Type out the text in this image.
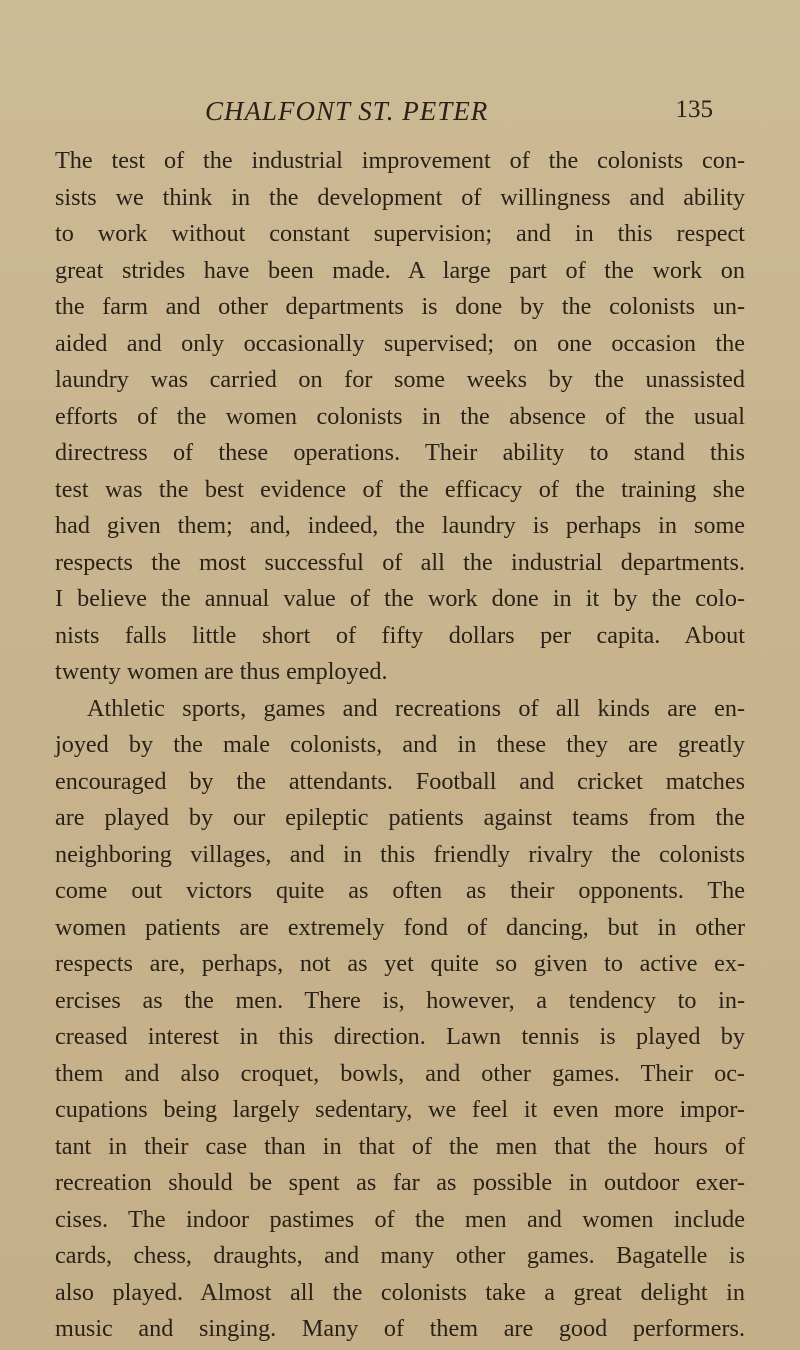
CHALFONT ST. PETER	135
The test of the industrial improvement of the colonists con-
sists we think in the development of willingness and ability
to work without constant supervision; and in this respect
great strides have been made. A large part of the work on
the farm and other departments is done by the colonists un-
aided and only occasionally supervised; on one occasion the
laundry was carried on for some weeks by the unassisted
efforts of the women colonists in the absence of the usual
directress of these operations. Their ability to stand this
test was the best evidence of the efficacy of the training she
had given them; and, indeed, the laundry is perhaps in some
respects the most successful of all the industrial departments.
I believe the annual value of the work done in it by the colo-
nists falls little short of fifty dollars per capita. About
twenty women are thus employed.
Athletic sports, games and recreations of all kinds are en-
joyed by the male colonists, and in these they are greatly
encouraged by the attendants. Football and cricket matches
are played by our epileptic patients against teams from the
neighboring villages, and in this friendly rivalry the colonists
come out victors quite as often as their opponents. The
women patients are extremely fond of dancing, but in other
respects are, perhaps, not as yet quite so given to active ex-
ercises as the men. There is, however, a tendency to in-
creased interest in this direction. Lawn tennis is played by
them and also croquet, bowls, and other games. Their oc-
cupations being largely sedentary, we feel it even more impor-
tant in their case than in that of the men that the hours of
recreation should be spent as far as possible in outdoor exer-
cises. The indoor pastimes of the men and women include
cards, chess, draughts, and many other games. Bagatelle is
also played. Almost all the colonists take a great delight in
music and singing. Many of them are good performers.
